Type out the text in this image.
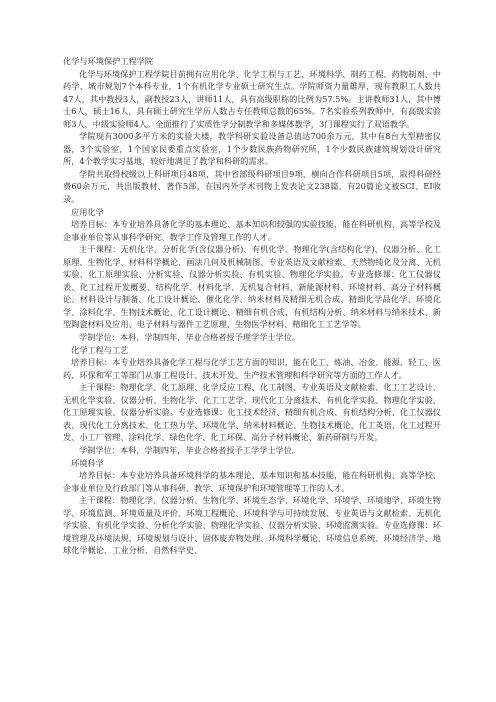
化学与环境保护工程学院

化学与环境保护工程学院目前拥有应用化学、化学工程与工艺、环境科学、制药工程、药物制剂、中药学、城市规划7个本科专业，1个有机化学专业硕士研究生点。学院师资力量雄厚，现有教职工人数共47人，其中教授3人，副教授23人，讲师11人，具有高级职称的比例为57.5%。主讲教师31人，其中博士6人，硕士16人，具有硕士研究生学历人数占专任教师总数的65%。7名实验系列教师中，有高级实验师3人，中级实验师4人。全面推行了实质性学分制教学和多媒体教学，3门课程实行了双语教学。

学院现有3000多平方米的实验大楼，教学科研实验设备总值达700余万元，其中有8台大型精密仪器，3个实验室，1个国家民委重点实验室，1个少数民族药物研究所，1个少数民族建筑规划设计研究所，4个教学实习基地，较好地满足了教学和科研的需求。

学院共取得校级以上科研项目48项，其中省部级科研项目9项，横向合作科研项目5项，取得科研经费60余万元，共出版教材、著作5部，在国内外学术刊物上发表论文238篇，有20篇论文被SCI、EI收录。

应用化学

培养目标：本专业培养具备化学的基本理论、基本知识和较强的实验技能，能在科研机构、高等学校及企事业单位等从事科学研究、教学工作及管理工作的人才。

主干课程：无机化学、分析化学(含仪器分析)、有机化学、物理化学(含结构化学)、仪器分析、化工原理、生物化学、材料科学概论、画法几何及机械制图、专业英语及文献检索、天然物纯化及分离、无机实验、化工原理实验、分析实验、仪器分析实验、有机实验、物理化学实验。专业选修课：化工仪器仪表、化工过程开发概要、结构化学、材料化学、无机复合材料、新能源材料、环境材料、高分子材料概论、材料设计与制备、化工设计概论、催化化学、纳米材料及精细无机合成、精细化学品化学、环境化学、涂料化学、生物技术概论、化工设计概论、精细有机合成、有机结构分析、纳米材料与纳米技术、新型陶瓷材料及应用、电子材料与器件工艺原理、生物医学材料、精细化工工艺学等。

学制学位：本科，学制四年，毕业合格者授予理学学士学位。

化学工程与工艺

培养目标：本专业培养具备化学工程与化学工艺方面的知识，能在化工、炼油、冶金、能源、轻工、医药、环保和军工等部门从事工程设计、技术开发、生产技术管理和科学研究等方面的工作人才。

主干课程：物理化学、化工原理、化学反应工程、化工制图、专业英语及文献检索、化工工艺设计、无机化学实验、仪器分析、生物化学、化工工艺学、现代化工分离技术、有机化学实验、物理化学实验、化工原理实验、仪器分析实验。专业选修课：化工技术经济、精细有机合成、有机结构分析、化工仪器仪表、现代化工分离技术、化工热力学、环境化学、纳米材料概论、生物技术概论、化工英语、化工过程开发、小工厂管理、涂料化学、绿色化学、化工环保、高分子材料概论、新药研制与开发。

学制学位：本科，学制四年，毕业合格者授予工学学士学位。

环境科学

培养目标：本专业培养具备环境科学的基本理论、基本知识和基本技能，能在科研机构、高等学校、企事业单位及行政部门等从事科研、教学、环境保护和环境管理等工作的人才。

主干课程：物理化学、仪器分析、生物化学、环境生态学、环境化学、环境学、环境地学、环境生物学、环境监测、环境质量及评价、环境工程概论、环境科学与可持续发展、专业英语与文献检索、无机化学实验、有机化学实验、分析化学实验、物理化学实验、仪器分析实验、环境监测实验。专业选修课：环境管理及环境法规、环境规划与设计、固体废弃物处理、环境科学概论、环境信息系统、环境经济学、地球化学概论、工业分析、自然科学史、
